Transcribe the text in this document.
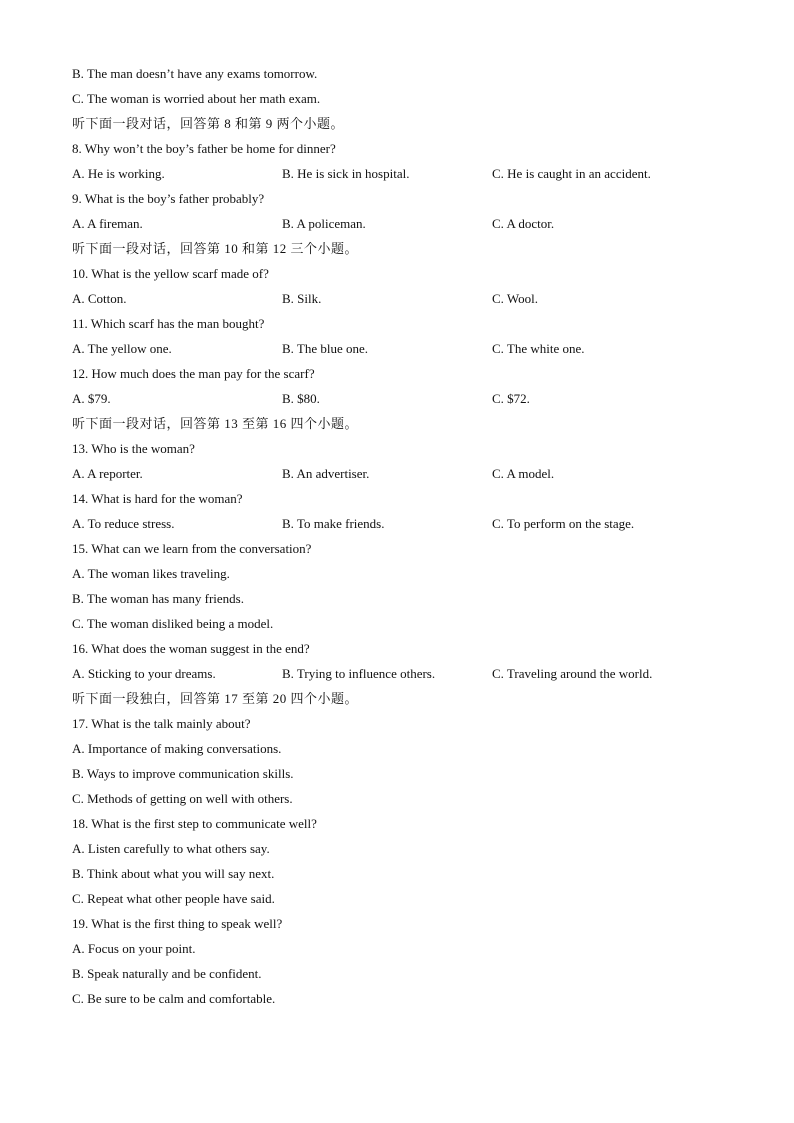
B. The man doesn’t have any exams tomorrow.
C. The woman is worried about her math exam.
听下面一段对话，回答第 8 和第 9 两个小题。
8. Why won’t the boy’s father be home for dinner?
A. He is working.	B. He is sick in hospital.	C. He is caught in an accident.
9. What is the boy’s father probably?
A. A fireman.	B. A policeman.	C. A doctor.
听下面一段对话，回答第 10 和第 12 三个小题。
10. What is the yellow scarf made of?
A. Cotton.	B. Silk.	C. Wool.
11. Which scarf has the man bought?
A. The yellow one.	B. The blue one.	C. The white one.
12. How much does the man pay for the scarf?
A. $79.	B. $80.	C. $72.
听下面一段对话，回答第 13 至第 16 四个小题。
13. Who is the woman?
A. A reporter.	B. An advertiser.	C. A model.
14. What is hard for the woman?
A. To reduce stress.	B. To make friends.	C. To perform on the stage.
15. What can we learn from the conversation?
A. The woman likes traveling.
B. The woman has many friends.
C. The woman disliked being a model.
16. What does the woman suggest in the end?
A. Sticking to your dreams.	B. Trying to influence others.	C. Traveling around the world.
听下面一段独白，回答第 17 至第 20 四个小题。
17. What is the talk mainly about?
A. Importance of making conversations.
B. Ways to improve communication skills.
C. Methods of getting on well with others.
18. What is the first step to communicate well?
A. Listen carefully to what others say.
B. Think about what you will say next.
C. Repeat what other people have said.
19. What is the first thing to speak well?
A. Focus on your point.
B. Speak naturally and be confident.
C. Be sure to be calm and comfortable.
